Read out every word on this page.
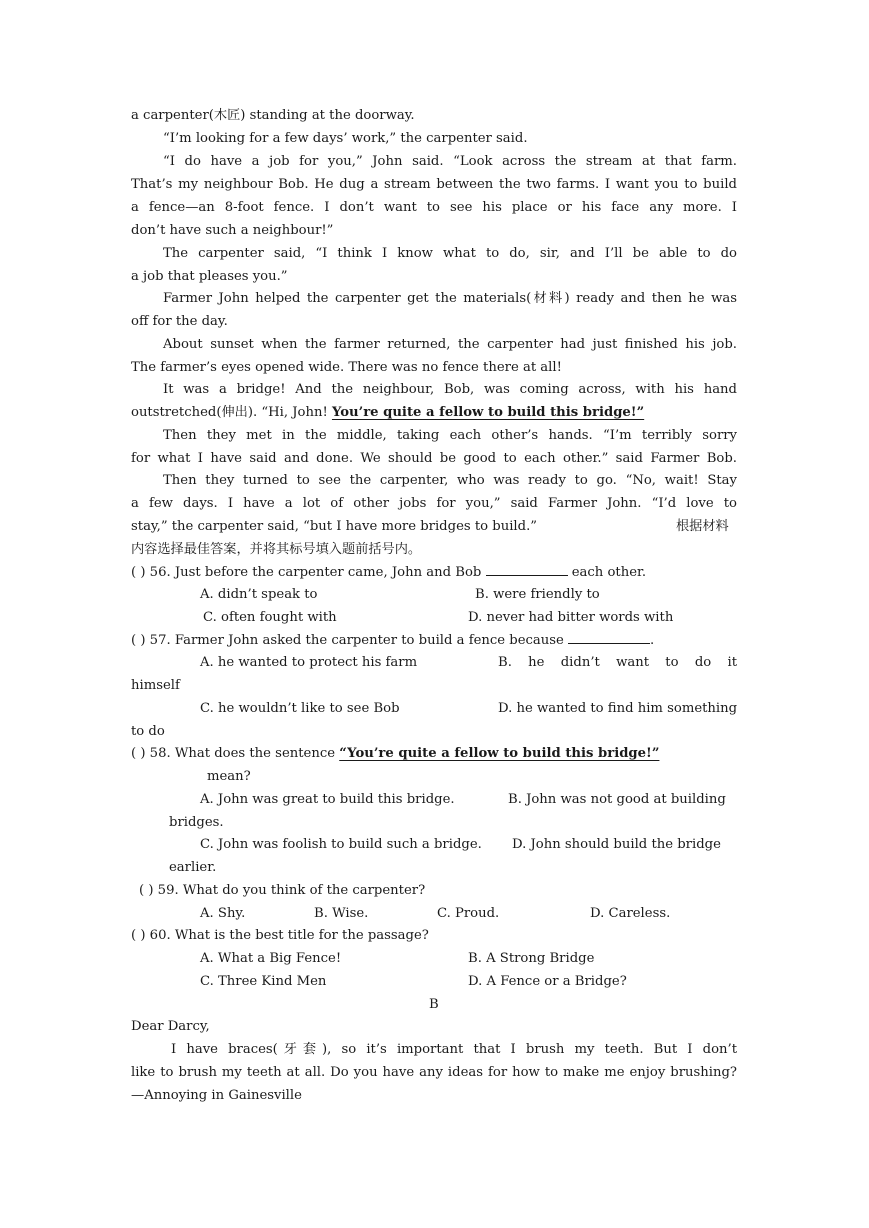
a carpenter(木匠) standing at the doorway.
“I’m looking for a few days’ work,” the carpenter said.
“I do have a job for you,” John said. “Look across the stream at that farm.
That’s my neighbour Bob. He dug a stream between the two farms. I want you to build
a fence—an 8-foot fence. I don’t want to see his place or his face any more. I
don’t have such a neighbour!”
The carpenter said, “I think I know what to do, sir, and I’ll be able to do
a job that pleases you.”
Farmer John helped the carpenter get the materials(材料) ready and then he was
off for the day.
About sunset when the farmer returned, the carpenter had just finished his job.
The farmer’s eyes opened wide. There was no fence there at all!
It was a bridge! And the neighbour, Bob, was coming across, with his hand
outstretched(伸出). “Hi, John! You’re quite a fellow to build this bridge!”
Then they met in the middle, taking each other’s hands. “I’m terribly sorry
for what I have said and done. We should be good to each other.” said Farmer Bob.
Then they turned to see the carpenter, who was ready to go. “No, wait! Stay
a few days. I have a lot of other jobs for you,” said Farmer John. “I’d love to
stay,” the carpenter said, “but I have more bridges to build.”	根据材料
内容选择最佳答案，并将其标号填入题前括号内。
( ) 56. Just before the carpenter came, John and Bob	each other.
A. didn’t speak to	B. were friendly to
C. often fought with	D. never had bitter words with
( ) 57. Farmer John asked the carpenter to build a fence because	.
A. he wanted to protect his farm	B. he didn’t want to do it
himself
C. he wouldn’t like to see Bob	D. he wanted to find him something
to do
( ) 58. What does the sentence “You’re quite a fellow to build this bridge!”
mean?
A. John was great to build this bridge.	B. John was not good at building
bridges.
C. John was foolish to build such a bridge. D. John should build the bridge
earlier.
( ) 59. What do you think of the carpenter?
A. Shy.	B. Wise.	C. Proud.	D. Careless.
( ) 60. What is the best title for the passage?
A. What a Big Fence!	B. A Strong Bridge
C. Three Kind Men	D. A Fence or a Bridge?
B
Dear Darcy,
I have braces(牙套), so it’s important that I brush my teeth. But I don’t
like to brush my teeth at all. Do you have any ideas for how to make me enjoy brushing?
—Annoying in Gainesville
